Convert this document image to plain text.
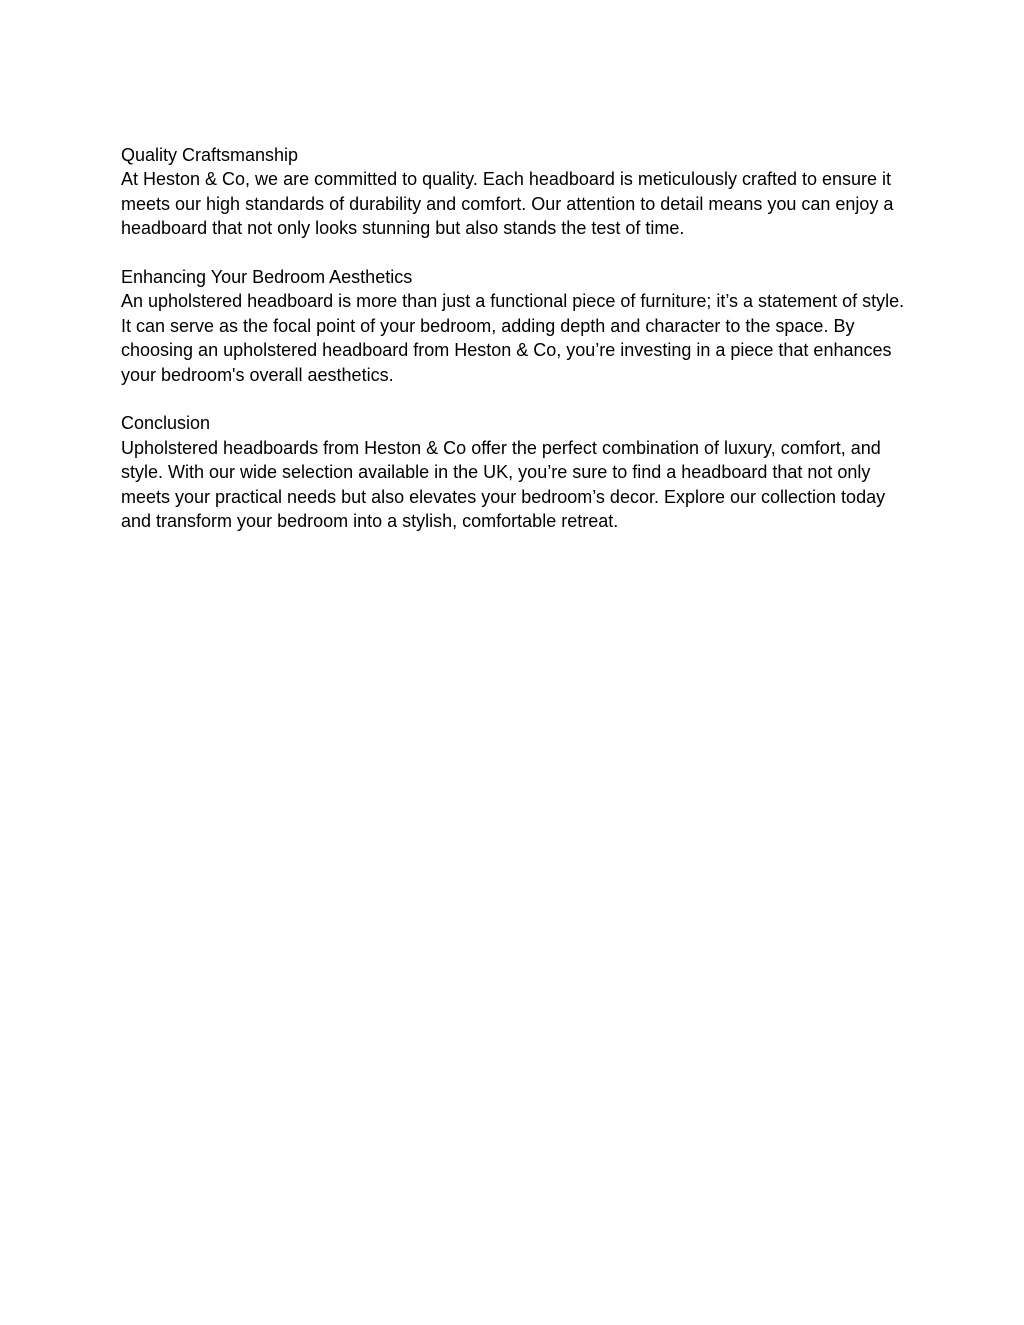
Quality Craftsmanship

At Heston & Co, we are committed to quality. Each headboard is meticulously crafted to ensure it meets our high standards of durability and comfort. Our attention to detail means you can enjoy a headboard that not only looks stunning but also stands the test of time.

Enhancing Your Bedroom Aesthetics

An upholstered headboard is more than just a functional piece of furniture; it’s a statement of style. It can serve as the focal point of your bedroom, adding depth and character to the space. By choosing an upholstered headboard from Heston & Co, you’re investing in a piece that enhances your bedroom's overall aesthetics.

Conclusion

Upholstered headboards from Heston & Co offer the perfect combination of luxury, comfort, and style. With our wide selection available in the UK, you’re sure to find a headboard that not only meets your practical needs but also elevates your bedroom’s decor. Explore our collection today and transform your bedroom into a stylish, comfortable retreat.
